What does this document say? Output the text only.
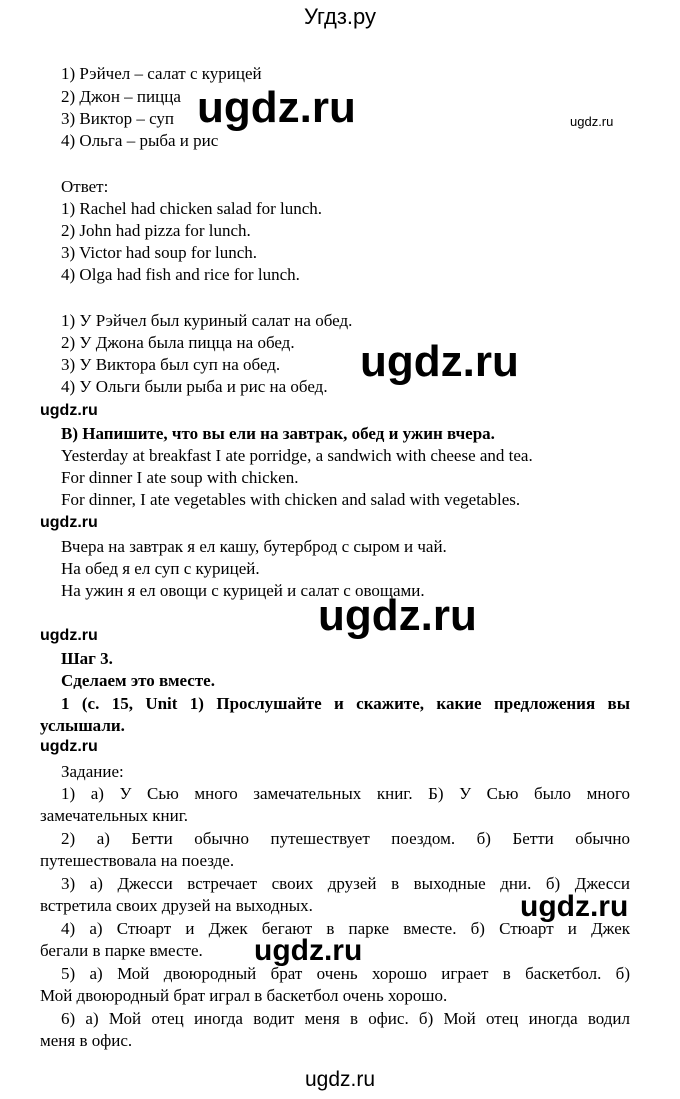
Угдз.ру
1) Рэйчел – салат с курицей
2) Джон – пицца
3) Виктор – суп
4) Ольга – рыба и рис
ugdz.ru	ugdz.ru
Ответ:
1) Rachel had chicken salad for lunch.
2) John had pizza for lunch.
3) Victor had soup for lunch.
4) Olga had fish and rice for lunch.
1) У Рэйчел был куриный салат на обед.
2) У Джона была пицца на обед.
3) У Виктора был суп на обед.
4) У Ольги были рыба и рис на обед.
ugdz.ru
ugdz.ru
B) Напишите, что вы ели на завтрак, обед и ужин вчера.
Yesterday at breakfast I ate porridge, a sandwich with cheese and tea.
For dinner I ate soup with chicken.
For dinner, I ate vegetables with chicken and salad with vegetables.
ugdz.ru
Вчера на завтрак я ел кашу, бутерброд с сыром и чай.
На обед я ел суп с курицей.
На ужин я ел овощи с курицей и салат с овощами.
ugdz.ru
ugdz.ru
Шаг 3.
Сделаем это вместе.
1 (с. 15, Unit 1) Прослушайте и скажите, какие предложения вы
услышали.
ugdz.ru
Задание:
1) а) У Сью много замечательных книг. Б) У Сью было много
замечательных книг.
2) а) Бетти обычно путешествует поездом. б) Бетти обычно
путешествовала на поезде.
3) а) Джесси встречает своих друзей в выходные дни. б) Джесси
встретила своих друзей на выходных.	ugdz.ru
4) а) Стюарт и Джек бегают в парке вместе. б) Стюарт и Джек
бегали в парке вместе. ugdz.ru
5) а) Мой двоюродный брат очень хорошо играет в баскетбол. б)
Мой двоюродный брат играл в баскетбол очень хорошо.
6) а) Мой отец иногда водит меня в офис. б) Мой отец иногда водил
меня в офис.
ugdz.ru
